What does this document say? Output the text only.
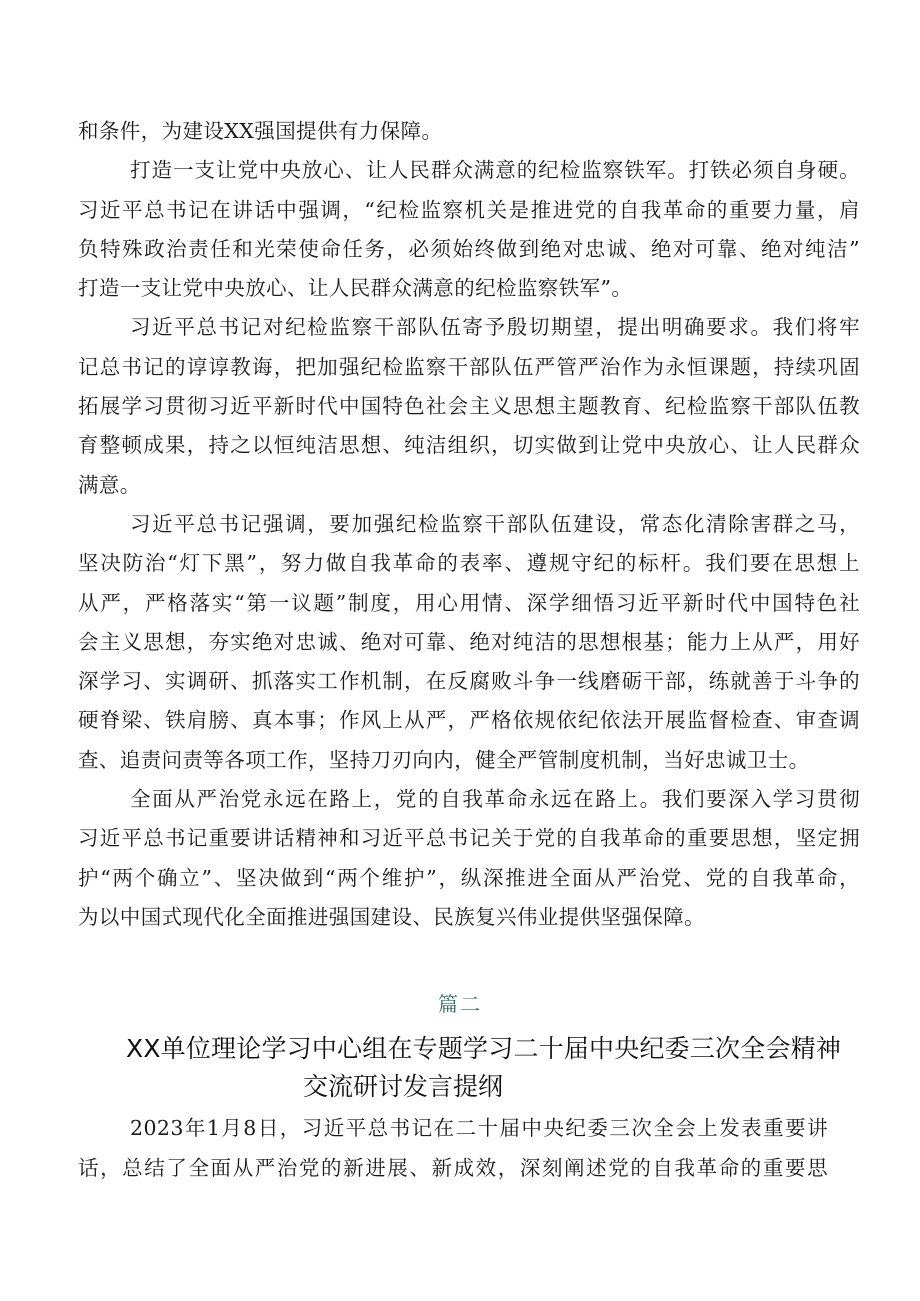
和条件，为建设XX强国提供有力保障。
打造一支让党中央放心、让人民群众满意的纪检监察铁军。打铁必须自身硬。
习近平总书记在讲话中强调，“纪检监察机关是推进党的自我革命的重要力量，肩
负特殊政治责任和光荣使命任务，必须始终做到绝对忠诚、绝对可靠、绝对纯洁”
打造一支让党中央放心、让人民群众满意的纪检监察铁军”。
习近平总书记对纪检监察干部队伍寄予殷切期望，提出明确要求。我们将牢
记总书记的谆谆教诲，把加强纪检监察干部队伍严管严治作为永恒课题，持续巩固
拓展学习贯彻习近平新时代中国特色社会主义思想主题教育、纪检监察干部队伍教
育整顿成果，持之以恒纯洁思想、纯洁组织，切实做到让党中央放心、让人民群众
满意。
习近平总书记强调，要加强纪检监察干部队伍建设，常态化清除害群之马，
坚决防治“灯下黑”，努力做自我革命的表率、遵规守纪的标杆。我们要在思想上
从严，严格落实“第一议题”制度，用心用情、深学细悟习近平新时代中国特色社
会主义思想，夯实绝对忠诚、绝对可靠、绝对纯洁的思想根基；能力上从严，用好
深学习、实调研、抓落实工作机制，在反腐败斗争一线磨砺干部，练就善于斗争的
硬脊梁、铁肩膀、真本事；作风上从严，严格依规依纪依法开展监督检查、审查调
查、追责问责等各项工作，坚持刀刃向内，健全严管制度机制，当好忠诚卫士。
全面从严治党永远在路上，党的自我革命永远在路上。我们要深入学习贯彻
习近平总书记重要讲话精神和习近平总书记关于党的自我革命的重要思想，坚定拥
护“两个确立”、坚决做到“两个维护”，纵深推进全面从严治党、党的自我革命，
为以中国式现代化全面推进强国建设、民族复兴伟业提供坚强保障。
篇二
XX单位理论学习中心组在专题学习二十届中央纪委三次全会精神
交流研讨发言提纲
2023年1月8日，习近平总书记在二十届中央纪委三次全会上发表重要讲
话，总结了全面从严治党的新进展、新成效，深刻阐述党的自我革命的重要思
